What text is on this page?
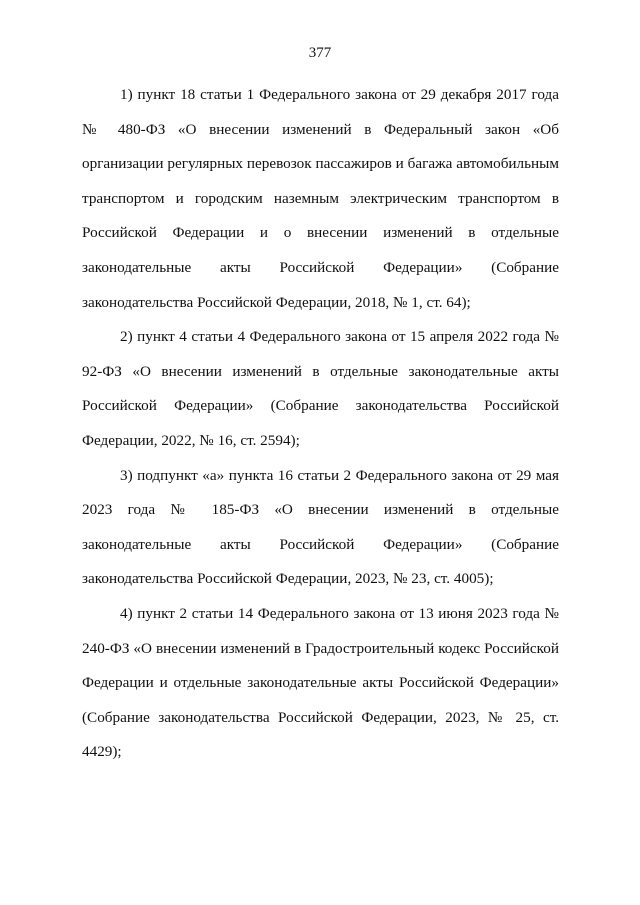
377

1) пункт 18 статьи 1 Федерального закона от 29 декабря 2017 года № 480-ФЗ «О внесении изменений в Федеральный закон «Об организации регулярных перевозок пассажиров и багажа автомобильным транспортом и городским наземным электрическим транспортом в Российской Федерации и о внесении изменений в отдельные законодательные акты Российской Федерации» (Собрание законодательства Российской Федерации, 2018, № 1, ст. 64);

2) пункт 4 статьи 4 Федерального закона от 15 апреля 2022 года № 92-ФЗ «О внесении изменений в отдельные законодательные акты Российской Федерации» (Собрание законодательства Российской Федерации, 2022, № 16, ст. 2594);

3) подпункт «а» пункта 16 статьи 2 Федерального закона от 29 мая 2023 года № 185-ФЗ «О внесении изменений в отдельные законодательные акты Российской Федерации» (Собрание законодательства Российской Федерации, 2023, № 23, ст. 4005);

4) пункт 2 статьи 14 Федерального закона от 13 июня 2023 года № 240-ФЗ «О внесении изменений в Градостроительный кодекс Российской Федерации и отдельные законодательные акты Российской Федерации» (Собрание законодательства Российской Федерации, 2023, № 25, ст. 4429);
